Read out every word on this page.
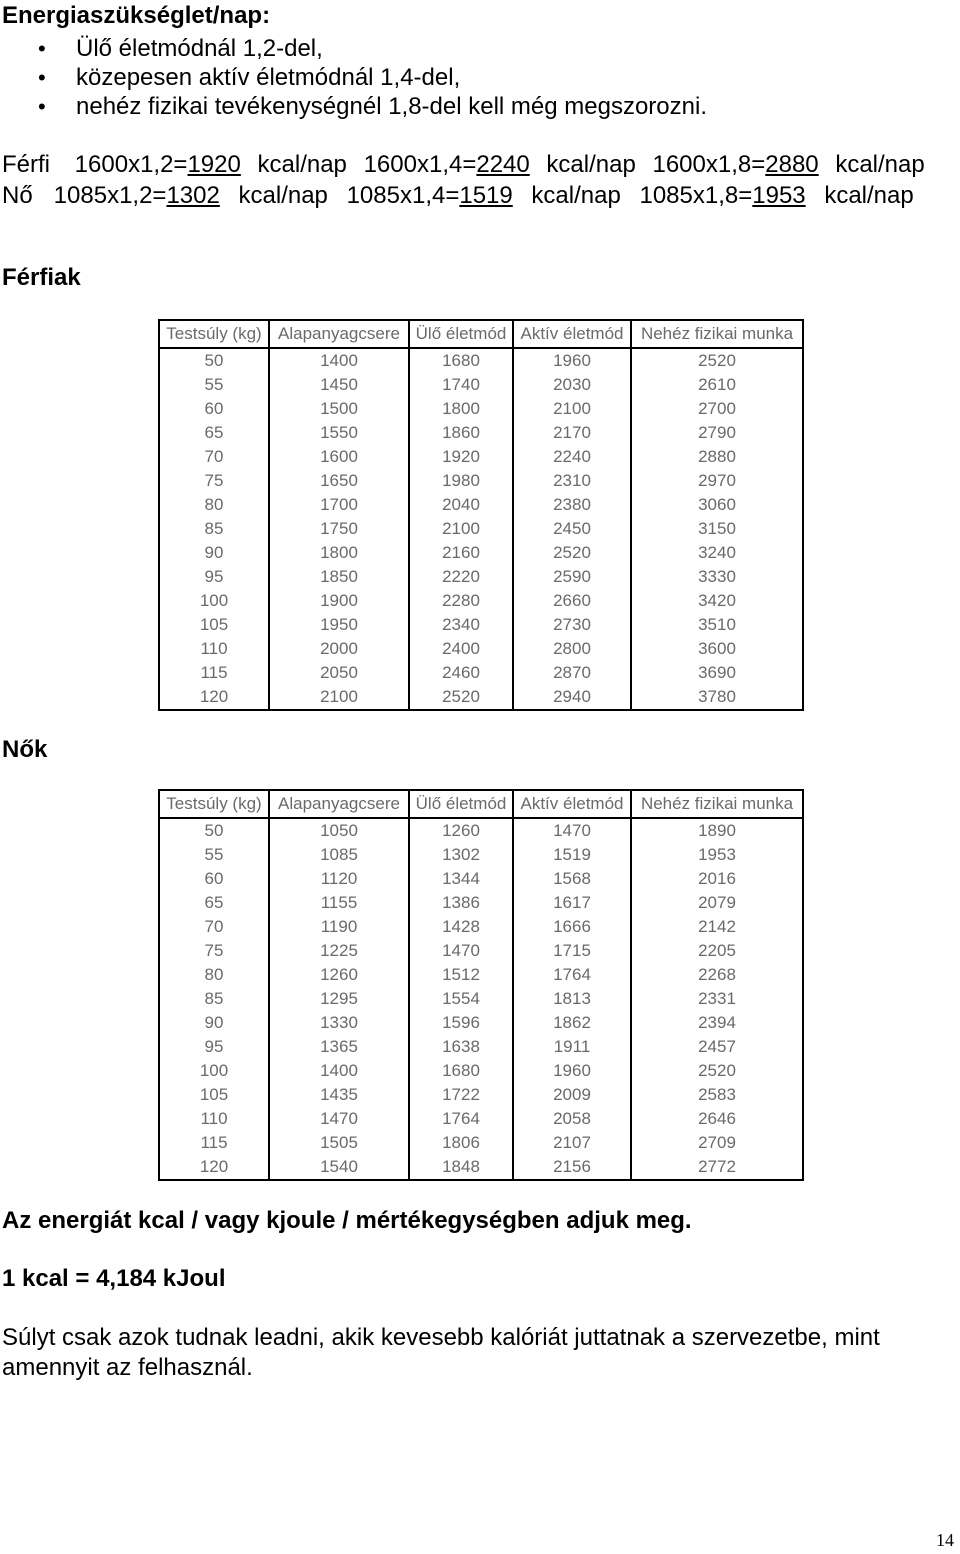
Energiaszükséglet/nap:
•	Ülő életmódnál 1,2-del,
•	közepesen aktív életmódnál 1,4-del,
•	nehéz fizikai tevékenységnél 1,8-del kell még megszorozni.
Férfi 1600x1,2=1920 kcal/nap 1600x1,4=2240 kcal/nap 1600x1,8=2880 kcal/nap
Nő 1085x1,2=1302 kcal/nap 1085x1,4=1519 kcal/nap 1085x1,8=1953 kcal/nap
Férfiak
Testsúly (kg)	Alapanyagcsere	Ülő életmód	Aktív életmód	Nehéz fizikai munka
50	1400	1680	1960	2520
55	1450	1740	2030	2610
60	1500	1800	2100	2700
65	1550	1860	2170	2790
70	1600	1920	2240	2880
75	1650	1980	2310	2970
80	1700	2040	2380	3060
85	1750	2100	2450	3150
90	1800	2160	2520	3240
95	1850	2220	2590	3330
100	1900	2280	2660	3420
105	1950	2340	2730	3510
110	2000	2400	2800	3600
115	2050	2460	2870	3690
120	2100	2520	2940	3780
Nők
Testsúly (kg)	Alapanyagcsere	Ülő életmód	Aktív életmód	Nehéz fizikai munka
50	1050	1260	1470	1890
55	1085	1302	1519	1953
60	1120	1344	1568	2016
65	1155	1386	1617	2079
70	1190	1428	1666	2142
75	1225	1470	1715	2205
80	1260	1512	1764	2268
85	1295	1554	1813	2331
90	1330	1596	1862	2394
95	1365	1638	1911	2457
100	1400	1680	1960	2520
105	1435	1722	2009	2583
110	1470	1764	2058	2646
115	1505	1806	2107	2709
120	1540	1848	2156	2772
Az energiát kcal / vagy kjoule / mértékegységben adjuk meg.
1 kcal = 4,184 kJoul
Súlyt csak azok tudnak leadni, akik kevesebb kalóriát juttatnak a szervezetbe, mint
amennyit az felhasznál.
14
